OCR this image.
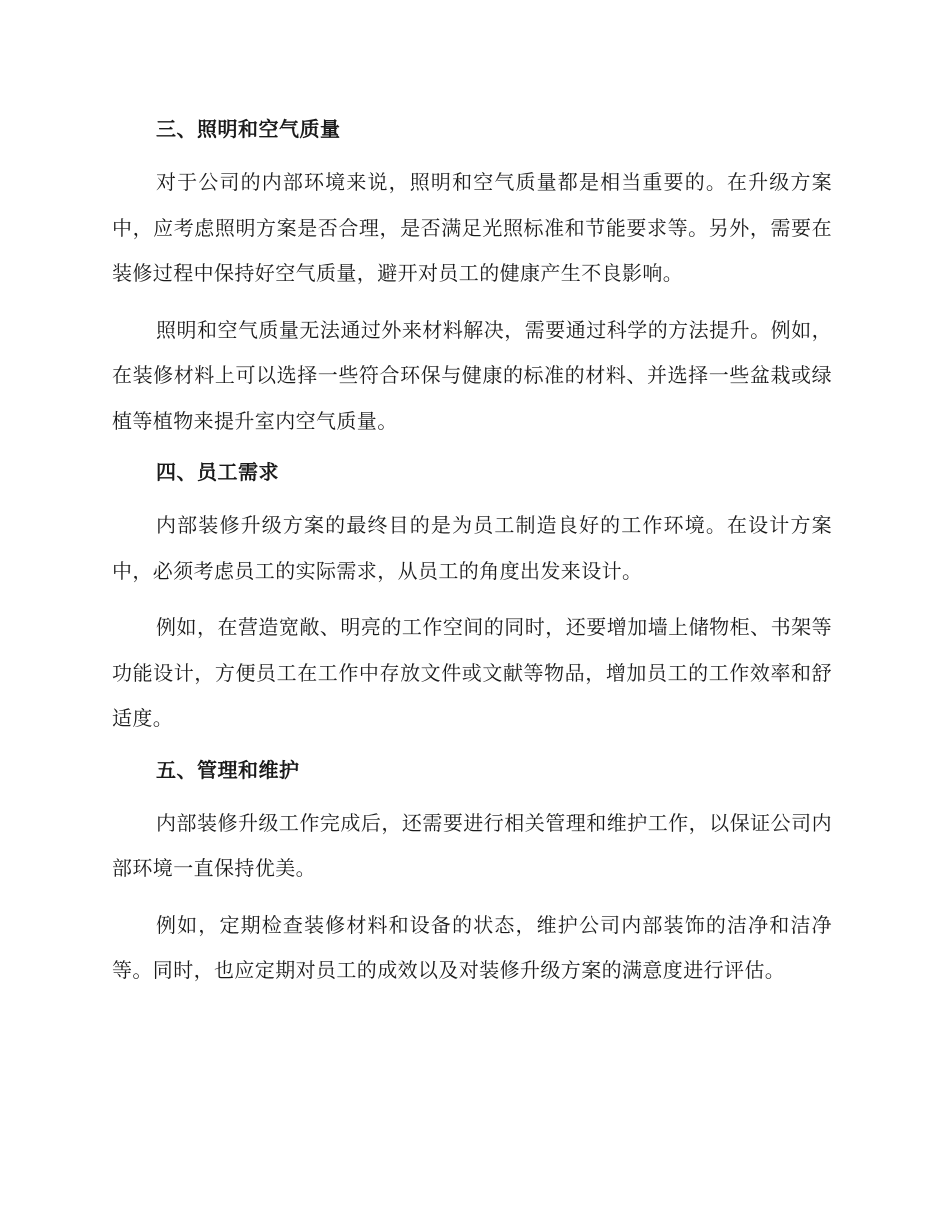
三、照明和空气质量

对于公司的内部环境来说，照明和空气质量都是相当重要的。在升级方案中，应考虑照明方案是否合理，是否满足光照标准和节能要求等。另外，需要在装修过程中保持好空气质量，避开对员工的健康产生不良影响。

照明和空气质量无法通过外来材料解决，需要通过科学的方法提升。例如，在装修材料上可以选择一些符合环保与健康的标准的材料、并选择一些盆栽或绿植等植物来提升室内空气质量。

四、员工需求

内部装修升级方案的最终目的是为员工制造良好的工作环境。在设计方案中，必须考虑员工的实际需求，从员工的角度出发来设计。

例如，在营造宽敞、明亮的工作空间的同时，还要增加墙上储物柜、书架等功能设计，方便员工在工作中存放文件或文献等物品，增加员工的工作效率和舒适度。

五、管理和维护

内部装修升级工作完成后，还需要进行相关管理和维护工作，以保证公司内部环境一直保持优美。

例如，定期检查装修材料和设备的状态，维护公司内部装饰的洁净和洁净等。同时，也应定期对员工的成效以及对装修升级方案的满意度进行评估。
